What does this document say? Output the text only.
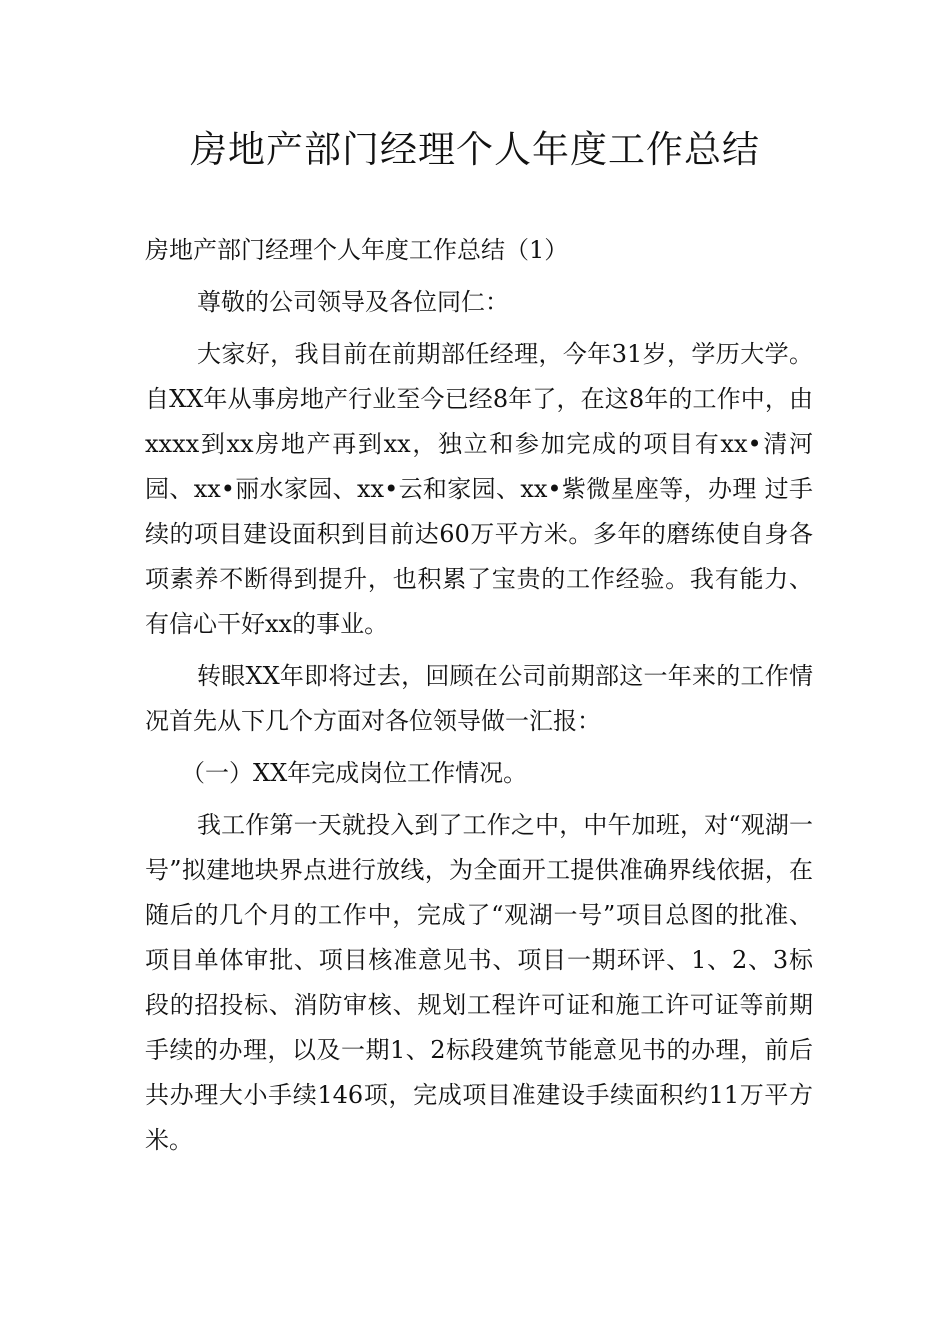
房地产部门经理个人年度工作总结

房地产部门经理个人年度工作总结（1）

尊敬的公司领导及各位同仁：

大家好，我目前在前期部任经理，今年31岁，学历大学。自XX年从事房地产行业至今已经8年了，在这8年的工作中，由xxxx到xx房地产再到xx，独立和参加完成的项目有xx•清河园、xx•丽水家园、xx•云和家园、xx•紫微星座等，办理 过手续的项目建设面积到目前达60万平方米。多年的磨练使自身各项素养不断得到提升，也积累了宝贵的工作经验。我有能力、有信心干好xx的事业。

转眼XX年即将过去，回顾在公司前期部这一年来的工作情况首先从下几个方面对各位领导做一汇报：

（一）XX年完成岗位工作情况。

我工作第一天就投入到了工作之中，中午加班，对“观湖一号”拟建地块界点进行放线，为全面开工提供准确界线依据，在随后的几个月的工作中，完成了“观湖一号”项目总图的批准、项目单体审批、项目核准意见书、项目一期环评、1、2、3标段的招投标、消防审核、规划工程许可证和施工许可证等前期手续的办理，以及一期1、2标段建筑节能意见书的办理，前后共办理大小手续146项，完成项目准建设手续面积约11万平方米。
